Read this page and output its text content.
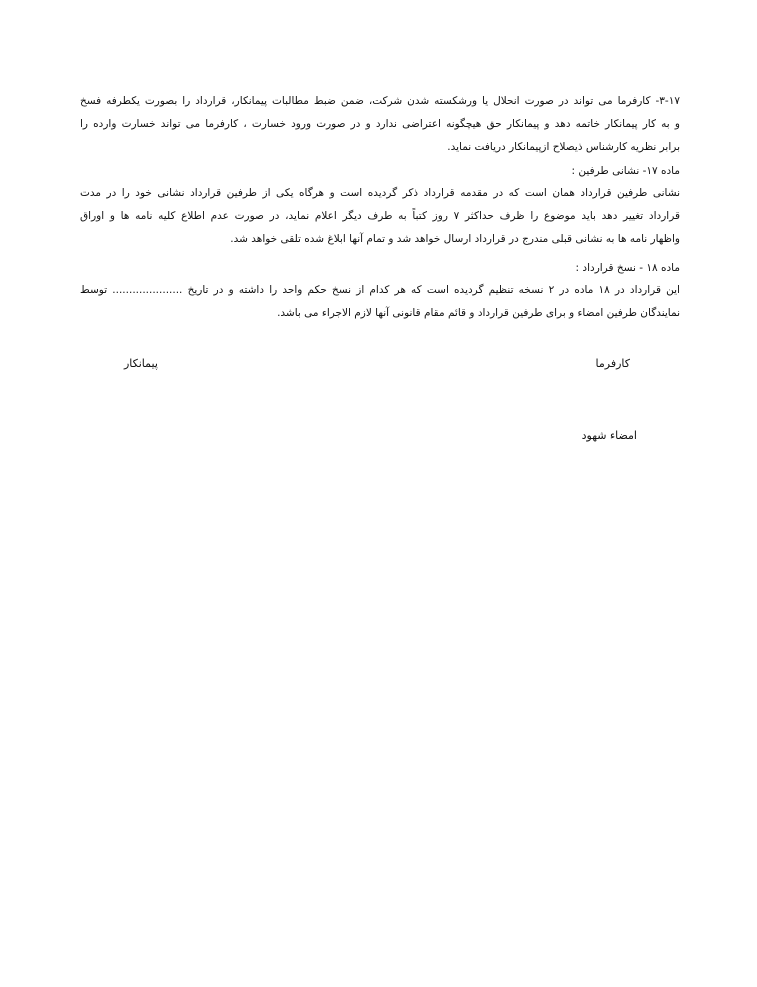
۳-۱۷- کارفرما می تواند در صورت انحلال یا ورشکسته شدن شرکت، ضمن ضبط مطالبات پیمانکار، قرارداد را بصورت یکطرفه فسخ
و به کار پیمانکار خاتمه دهد و پیمانکار حق هیچگونه اعتراضی ندارد و در صورت ورود خسارت ، کارفرما می تواند خسارت وارده را
برابر نظریه کارشناس ذیصلاح ازپیمانکار دریافت نماید.
ماده ۱۷- نشانی طرفین :
نشانی طرفین قرارداد همان است که در مقدمه قرارداد ذکر گردیده است و هرگاه یکی از طرفین قرارداد نشانی خود را در مدت
قرارداد تغییر دهد باید موضوع را ظرف حداکثر ۷ روز کتباً به طرف دیگر اعلام نماید، در صورت عدم اطلاع کلیه نامه ها و اوراق
واظهار نامه ها به نشانی قبلی مندرج در قرارداد ارسال خواهد شد و تمام آنها ابلاغ شده تلقی خواهد شد.
ماده ۱۸ - نسخ قرارداد :
این قرارداد در ۱۸ ماده در ۲ نسخه تنظیم گردیده است که هر کدام از نسخ حکم واحد را داشته و در تاریخ ..................... توسط
نمایندگان طرفین امضاء و برای طرفین قرارداد و قائم مقام قانونی آنها لازم الاجراء می باشد.
کارفرما
پیمانکار
امضاء شهود
